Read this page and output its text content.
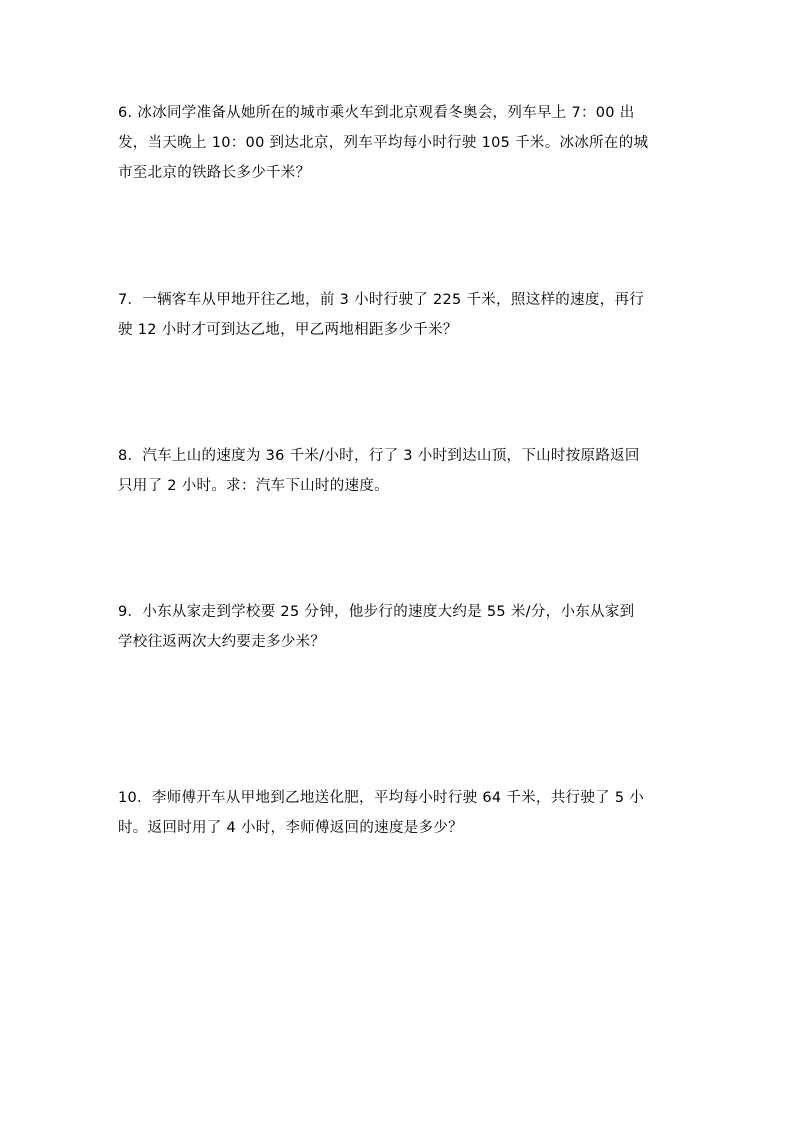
6. 冰冰同学准备从她所在的城市乘火车到北京观看冬奥会，列车早上 7：00 出
发，当天晚上 10：00 到达北京，列车平均每小时行驶 105 千米。冰冰所在的城
市至北京的铁路长多少千米？

7．一辆客车从甲地开往乙地，前 3 小时行驶了 225 千米，照这样的速度，再行
驶 12 小时才可到达乙地，甲乙两地相距多少千米？

8．汽车上山的速度为 36 千米/小时，行了 3 小时到达山顶，下山时按原路返回
只用了 2 小时。求：汽车下山时的速度。

9．小东从家走到学校要 25 分钟，他步行的速度大约是 55 米/分，小东从家到
学校往返两次大约要走多少米？

10．李师傅开车从甲地到乙地送化肥，平均每小时行驶 64 千米，共行驶了 5 小
时。返回时用了 4 小时，李师傅返回的速度是多少？
